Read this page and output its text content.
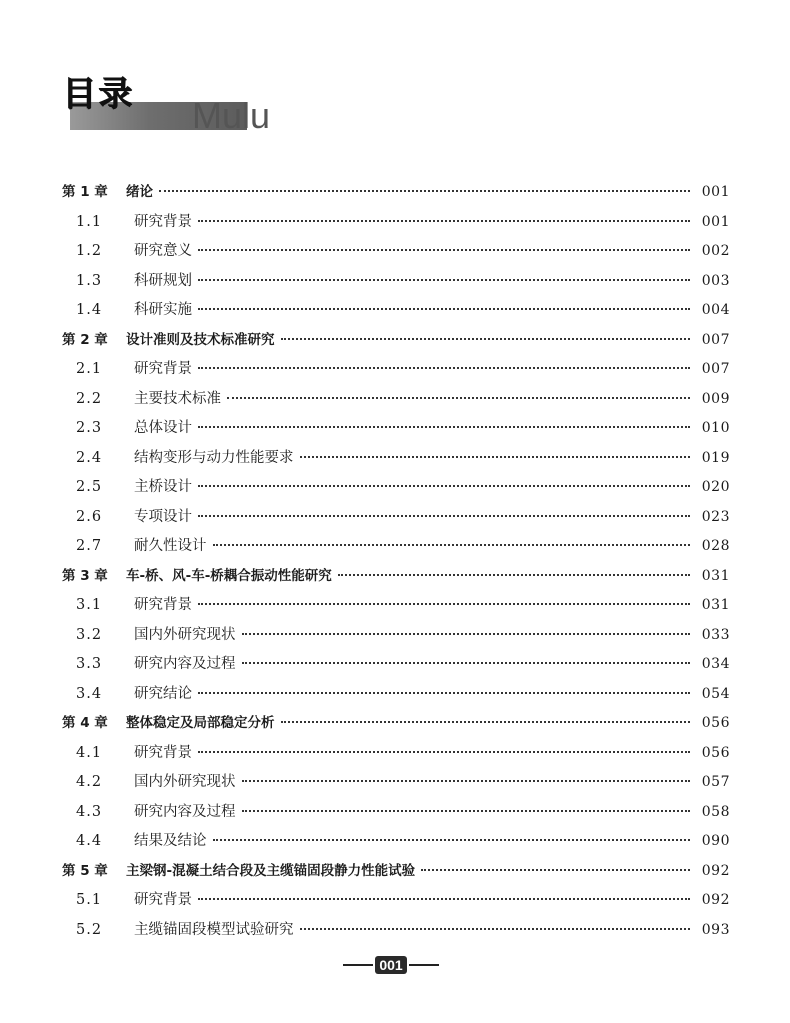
目录
Mulu
第 1 章	绪论	001
1.1	研究背景	001
1.2	研究意义	002
1.3	科研规划	003
1.4	科研实施	004
第 2 章	设计准则及技术标准研究	007
2.1	研究背景	007
2.2	主要技术标准	009
2.3	总体设计	010
2.4	结构变形与动力性能要求	019
2.5	主桥设计	020
2.6	专项设计	023
2.7	耐久性设计	028
第 3 章	车-桥、风-车-桥耦合振动性能研究	031
3.1	研究背景	031
3.2	国内外研究现状	033
3.3	研究内容及过程	034
3.4	研究结论	054
第 4 章	整体稳定及局部稳定分析	056
4.1	研究背景	056
4.2	国内外研究现状	057
4.3	研究内容及过程	058
4.4	结果及结论	090
第 5 章	主梁钢-混凝土结合段及主缆锚固段静力性能试验	092
5.1	研究背景	092
5.2	主缆锚固段模型试验研究	093
001
